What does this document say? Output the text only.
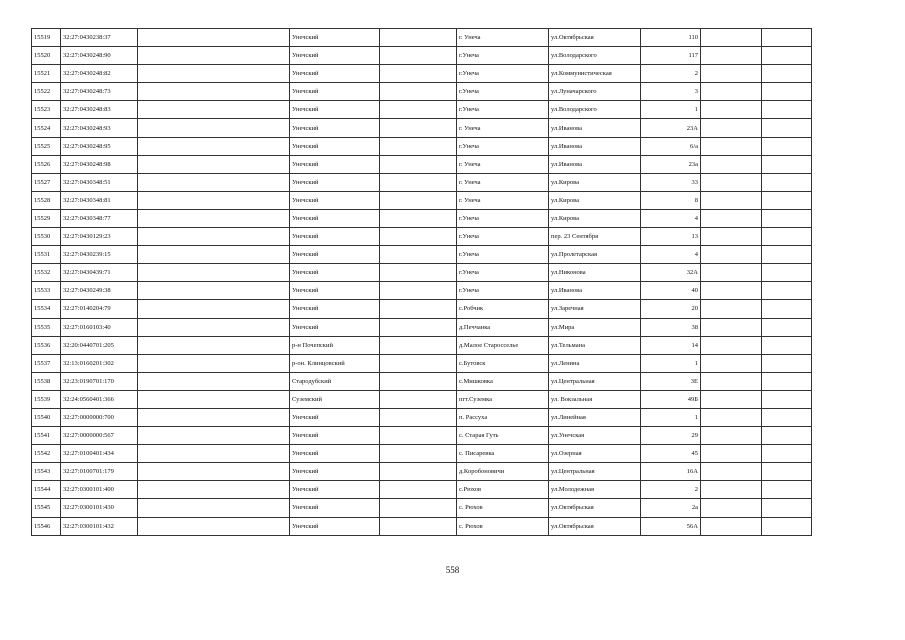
15519	32:27:0430238:37		Унечский		г. Унеча	ул.Октябрьская	110		
15520	32:27:0430248:90		Унечский		г.Унеча	ул.Володарского	117		
15521	32:27:0430248:82		Унечский		г.Унеча	ул.Коммунистическая	2		
15522	32:27:0430248:73		Унечский		г.Унеча	ул.Луначарского	3		
15523	32:27:0430248:83		Унечский		г.Унеча	ул.Володарского	1		
15524	32:27:0430248:93		Унечский		г. Унеча	ул.Иванова	23А		
15525	32:27:0430248:95		Унечский		г.Унеча	ул.Иванова	6/а		
15526	32:27:0430248:98		Унечский		г. Унеча	ул.Иванова	23а		
15527	32:27:0430348:51		Унечский		г. Унеча	ул.Кирова	33		
15528	32:27:0430348:81		Унечский		г. Унеча	ул.Кирова	8		
15529	32:27:0430348:77		Унечский		г.Унеча	ул.Кирова	4		
15530	32:27:0430129:23		Унечский		г.Унеча	пер. 23 Сентября	13		
15531	32:27:0430239:15		Унечский		г.Унеча	ул.Пролетарская	4		
15532	32:27:0430439:71		Унечский		г.Унеча	ул.Никонова	32А		
15533	32:27:0430249:38		Унечский		г.Унеча	ул.Иванова	40		
15534	32:27:0140204:79		Унечский		с.Робчик	ул.Заречная	20		
15535	32:27:0160103:40		Унечский		д.Печчанка	ул.Мира	38		
15536	32:20:0440701:205		р-н Почепский		д.Малое Старосселье	ул.Тельмана	14		
15537	32:13:0160201:302		р-он. Клинцовский		с.Бутовск	ул.Ленина	1		
15538	32:23:0190701:170		Стародубский		с.Мишковка	ул.Центральная	3Е		
15539	32:24:0560401:366		Суземский		пгт.Суземка	ул. Вокзальная	49Б		
15540	32:27:0000000:700		Унечский		п. Рассуха	ул.Линейная	1		
15541	32:27:0000000:567		Унечский		с. Старая Гуть	ул.Унечская	29		
15542	32:27:0100401:434		Унечский		с. Писаревка	ул.Озерная	45		
15543	32:27:0100701:179		Унечский		д.Коробоновичи	ул.Центральная	16А		
15544	32:27:0300101:400		Унечский		с.Рюхов	ул.Молодежная	2		
15545	32:27:0300101:430		Унечский		с. Рюхов	ул.Октябрьская	2а		
15546	32:27:0300101:432		Унечский		с. Рюхов	ул.Октябрьская	56А		
558
